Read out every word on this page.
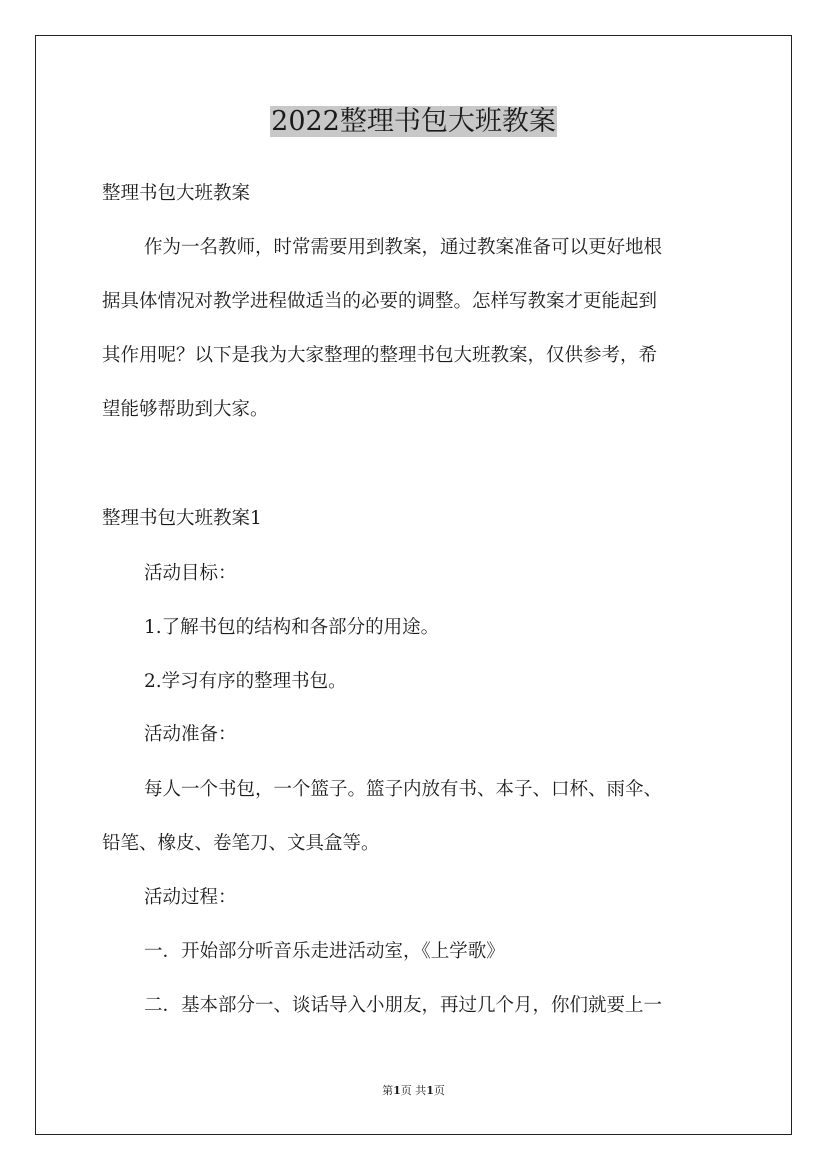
2022整理书包大班教案

整理书包大班教案

作为一名教师，时常需要用到教案，通过教案准备可以更好地根

据具体情况对教学进程做适当的必要的调整。怎样写教案才更能起到

其作用呢？以下是我为大家整理的整理书包大班教案，仅供参考，希

望能够帮助到大家。

整理书包大班教案1

活动目标：

1.了解书包的结构和各部分的用途。

2.学习有序的整理书包。

活动准备：

每人一个书包，一个篮子。篮子内放有书、本子、口杯、雨伞、

铅笔、橡皮、卷笔刀、文具盒等。

活动过程：

一．开始部分听音乐走进活动室，《上学歌》

二．基本部分一、谈话导入小朋友，再过几个月，你们就要上一

第1页 共1页
